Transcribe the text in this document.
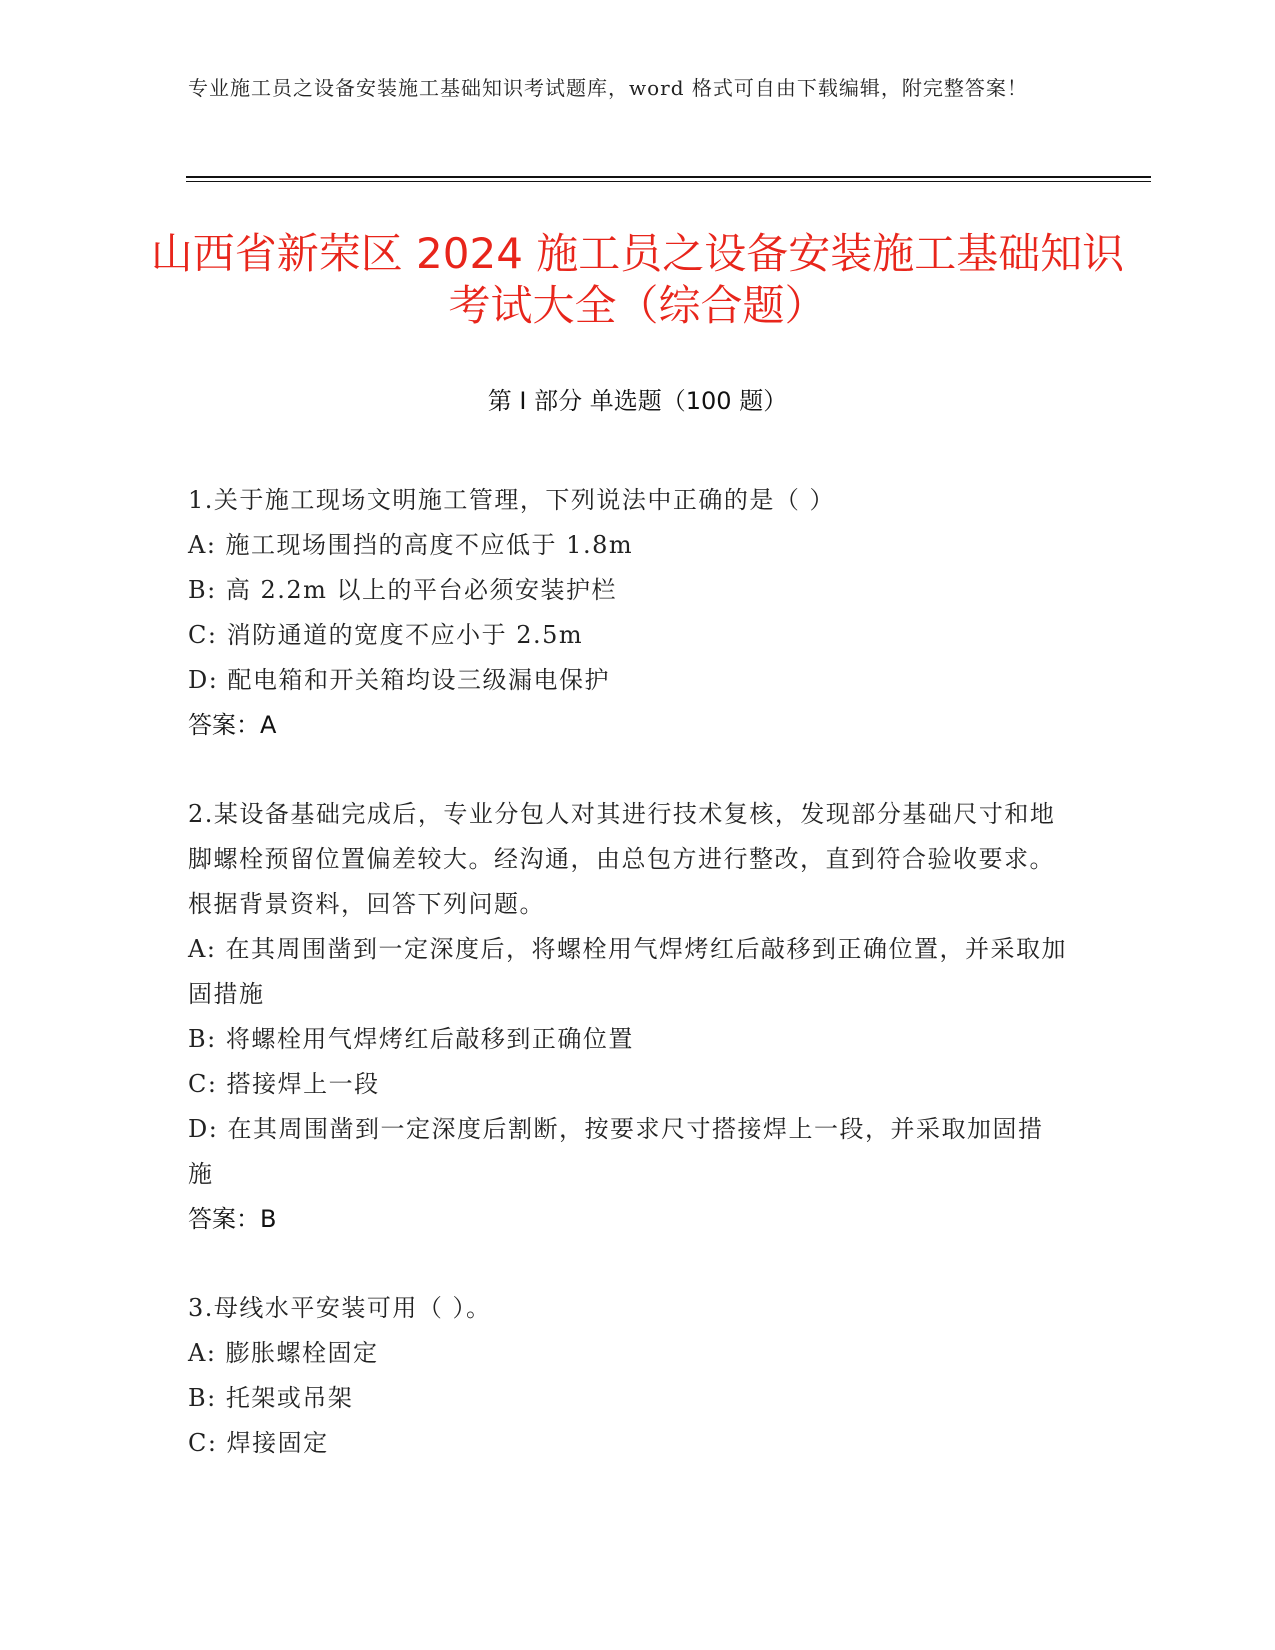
专业施工员之设备安装施工基础知识考试题库，word 格式可自由下载编辑，附完整答案！
山西省新荣区 2024 施工员之设备安装施工基础知识考试大全（综合题）
第 I 部分 单选题（100 题）
1.关于施工现场文明施工管理，下列说法中正确的是（ ）
A: 施工现场围挡的高度不应低于 1.8m
B: 高 2.2m 以上的平台必须安装护栏
C: 消防通道的宽度不应小于 2.5m
D: 配电箱和开关箱均设三级漏电保护
答案：A
2.某设备基础完成后，专业分包人对其进行技术复核，发现部分基础尺寸和地脚螺栓预留位置偏差较大。经沟通，由总包方进行整改，直到符合验收要求。根据背景资料，回答下列问题。
A: 在其周围凿到一定深度后，将螺栓用气焊烤红后敲移到正确位置，并采取加固措施
B: 将螺栓用气焊烤红后敲移到正确位置
C: 搭接焊上一段
D: 在其周围凿到一定深度后割断，按要求尺寸搭接焊上一段，并采取加固措施
答案：B
3.母线水平安装可用（ ）。
A: 膨胀螺栓固定
B: 托架或吊架
C: 焊接固定
